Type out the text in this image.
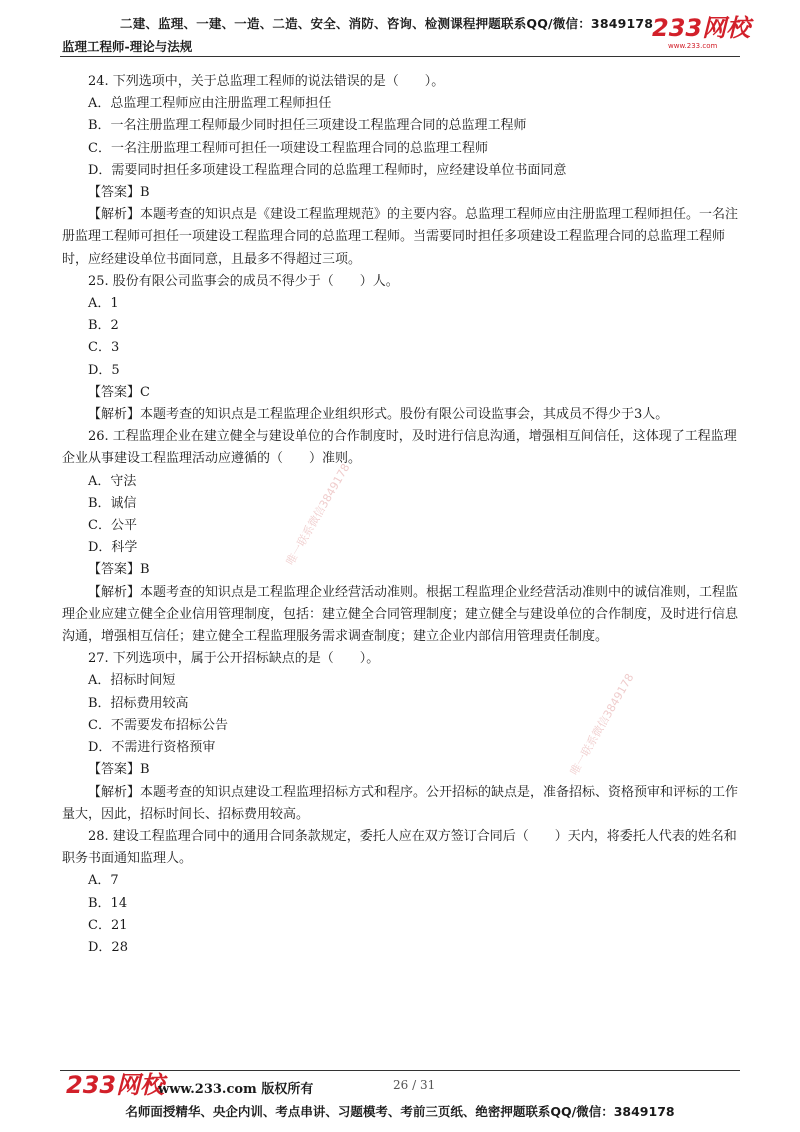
二建、监理、一建、一造、二造、安全、消防、咨询、检测课程押题联系QQ/微信：3849178
监理工程师-理论与法规
233网校
www.233.com

24. 下列选项中，关于总监理工程师的说法错误的是（　　）。

A．总监理工程师应由注册监理工程师担任

B．一名注册监理工程师最少同时担任三项建设工程监理合同的总监理工程师

C．一名注册监理工程师可担任一项建设工程监理合同的总监理工程师

D．需要同时担任多项建设工程监理合同的总监理工程师时，应经建设单位书面同意

【答案】B

【解析】本题考查的知识点是《建设工程监理规范》的主要内容。总监理工程师应由注册监理工程师担任。一名注册监理工程师可担任一项建设工程监理合同的总监理工程师。当需要同时担任多项建设工程监理合同的总监理工程师时，应经建设单位书面同意，且最多不得超过三项。

25. 股份有限公司监事会的成员不得少于（　　）人。

A．1

B．2

C．3

D．5

【答案】C

【解析】本题考查的知识点是工程监理企业组织形式。股份有限公司设监事会，其成员不得少于3人。

26. 工程监理企业在建立健全与建设单位的合作制度时，及时进行信息沟通，增强相互间信任，这体现了工程监理企业从事建设工程监理活动应遵循的（　　）准则。

A．守法

B．诚信

C．公平

D．科学

【答案】B

【解析】本题考查的知识点是工程监理企业经营活动准则。根据工程监理企业经营活动准则中的诚信准则，工程监理企业应建立健全企业信用管理制度，包括：建立健全合同管理制度；建立健全与建设单位的合作制度，及时进行信息沟通，增强相互信任；建立健全工程监理服务需求调查制度；建立企业内部信用管理责任制度。

27. 下列选项中，属于公开招标缺点的是（　　）。

A．招标时间短

B．招标费用较高

C．不需要发布招标公告

D．不需进行资格预审

【答案】B

【解析】本题考查的知识点建设工程监理招标方式和程序。公开招标的缺点是，准备招标、资格预审和评标的工作量大，因此，招标时间长、招标费用较高。

28. 建设工程监理合同中的通用合同条款规定，委托人应在双方签订合同后（　　）天内，将委托人代表的姓名和职务书面通知监理人。

A．7

B．14

C．21

D．28

唯一联系微信3849178
唯一联系微信3849178
233网校
www.233.com 版权所有	26 / 31
名师面授精华、央企内训、考点串讲、习题模考、考前三页纸、绝密押题联系QQ/微信：3849178
